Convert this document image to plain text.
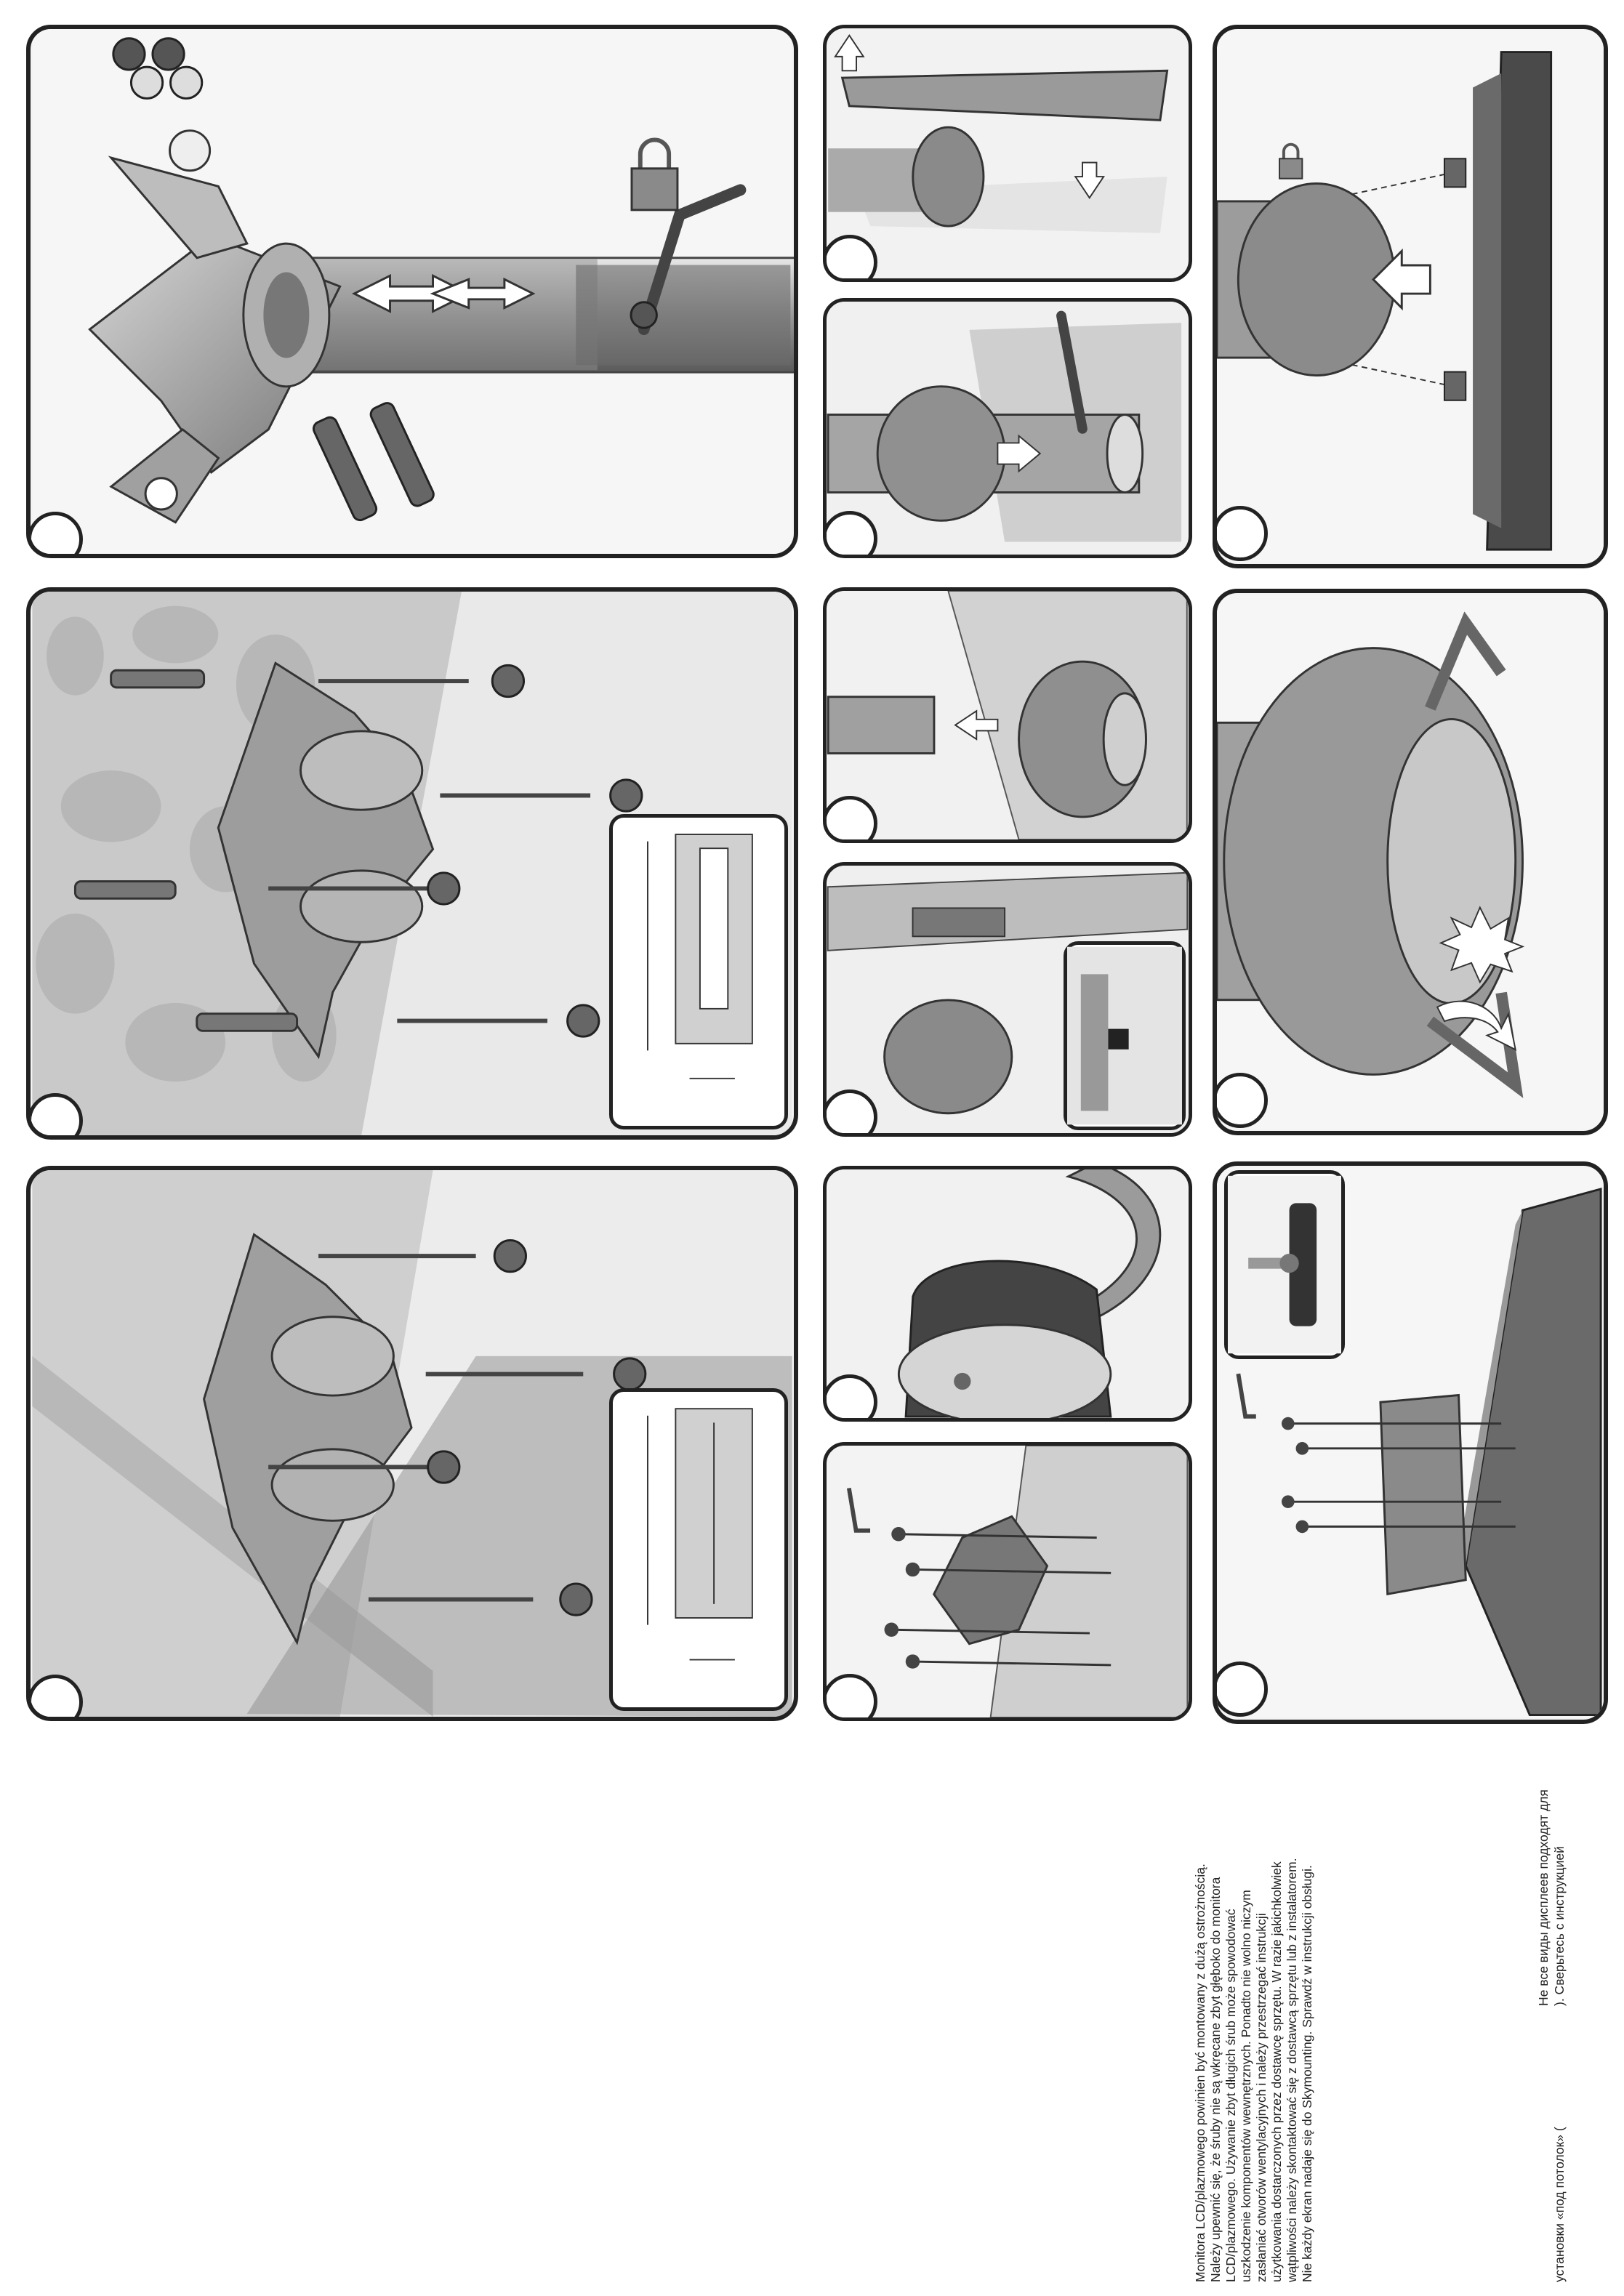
Monitora LCD/plazmowego powinien być montowany z dużą ostrożnością. Należy upewnić się, że śruby nie są wkręcane zbyt głęboko do monitora LCD/plazmowego. Używanie zbyt długich śrub może spowodować uszkodzenie komponentów wewnętrznych. Ponadto nie wolno niczym zasłaniać otworów wentylacyjnych i należy przestrzegać instrukcji użytkowania dostarczonych przez dostawcę sprzętu. W razie jakichkolwiek wątpliwości należy skontaktować się z dostawcą sprzętu lub z instalatorem. Nie każdy ekran nadaje się do Skymounting. Sprawdź w instrukcji obsługi.	Не все виды дисплеев подходят для
установки «под потолок» (
). Сверьтесь с инструкцией
